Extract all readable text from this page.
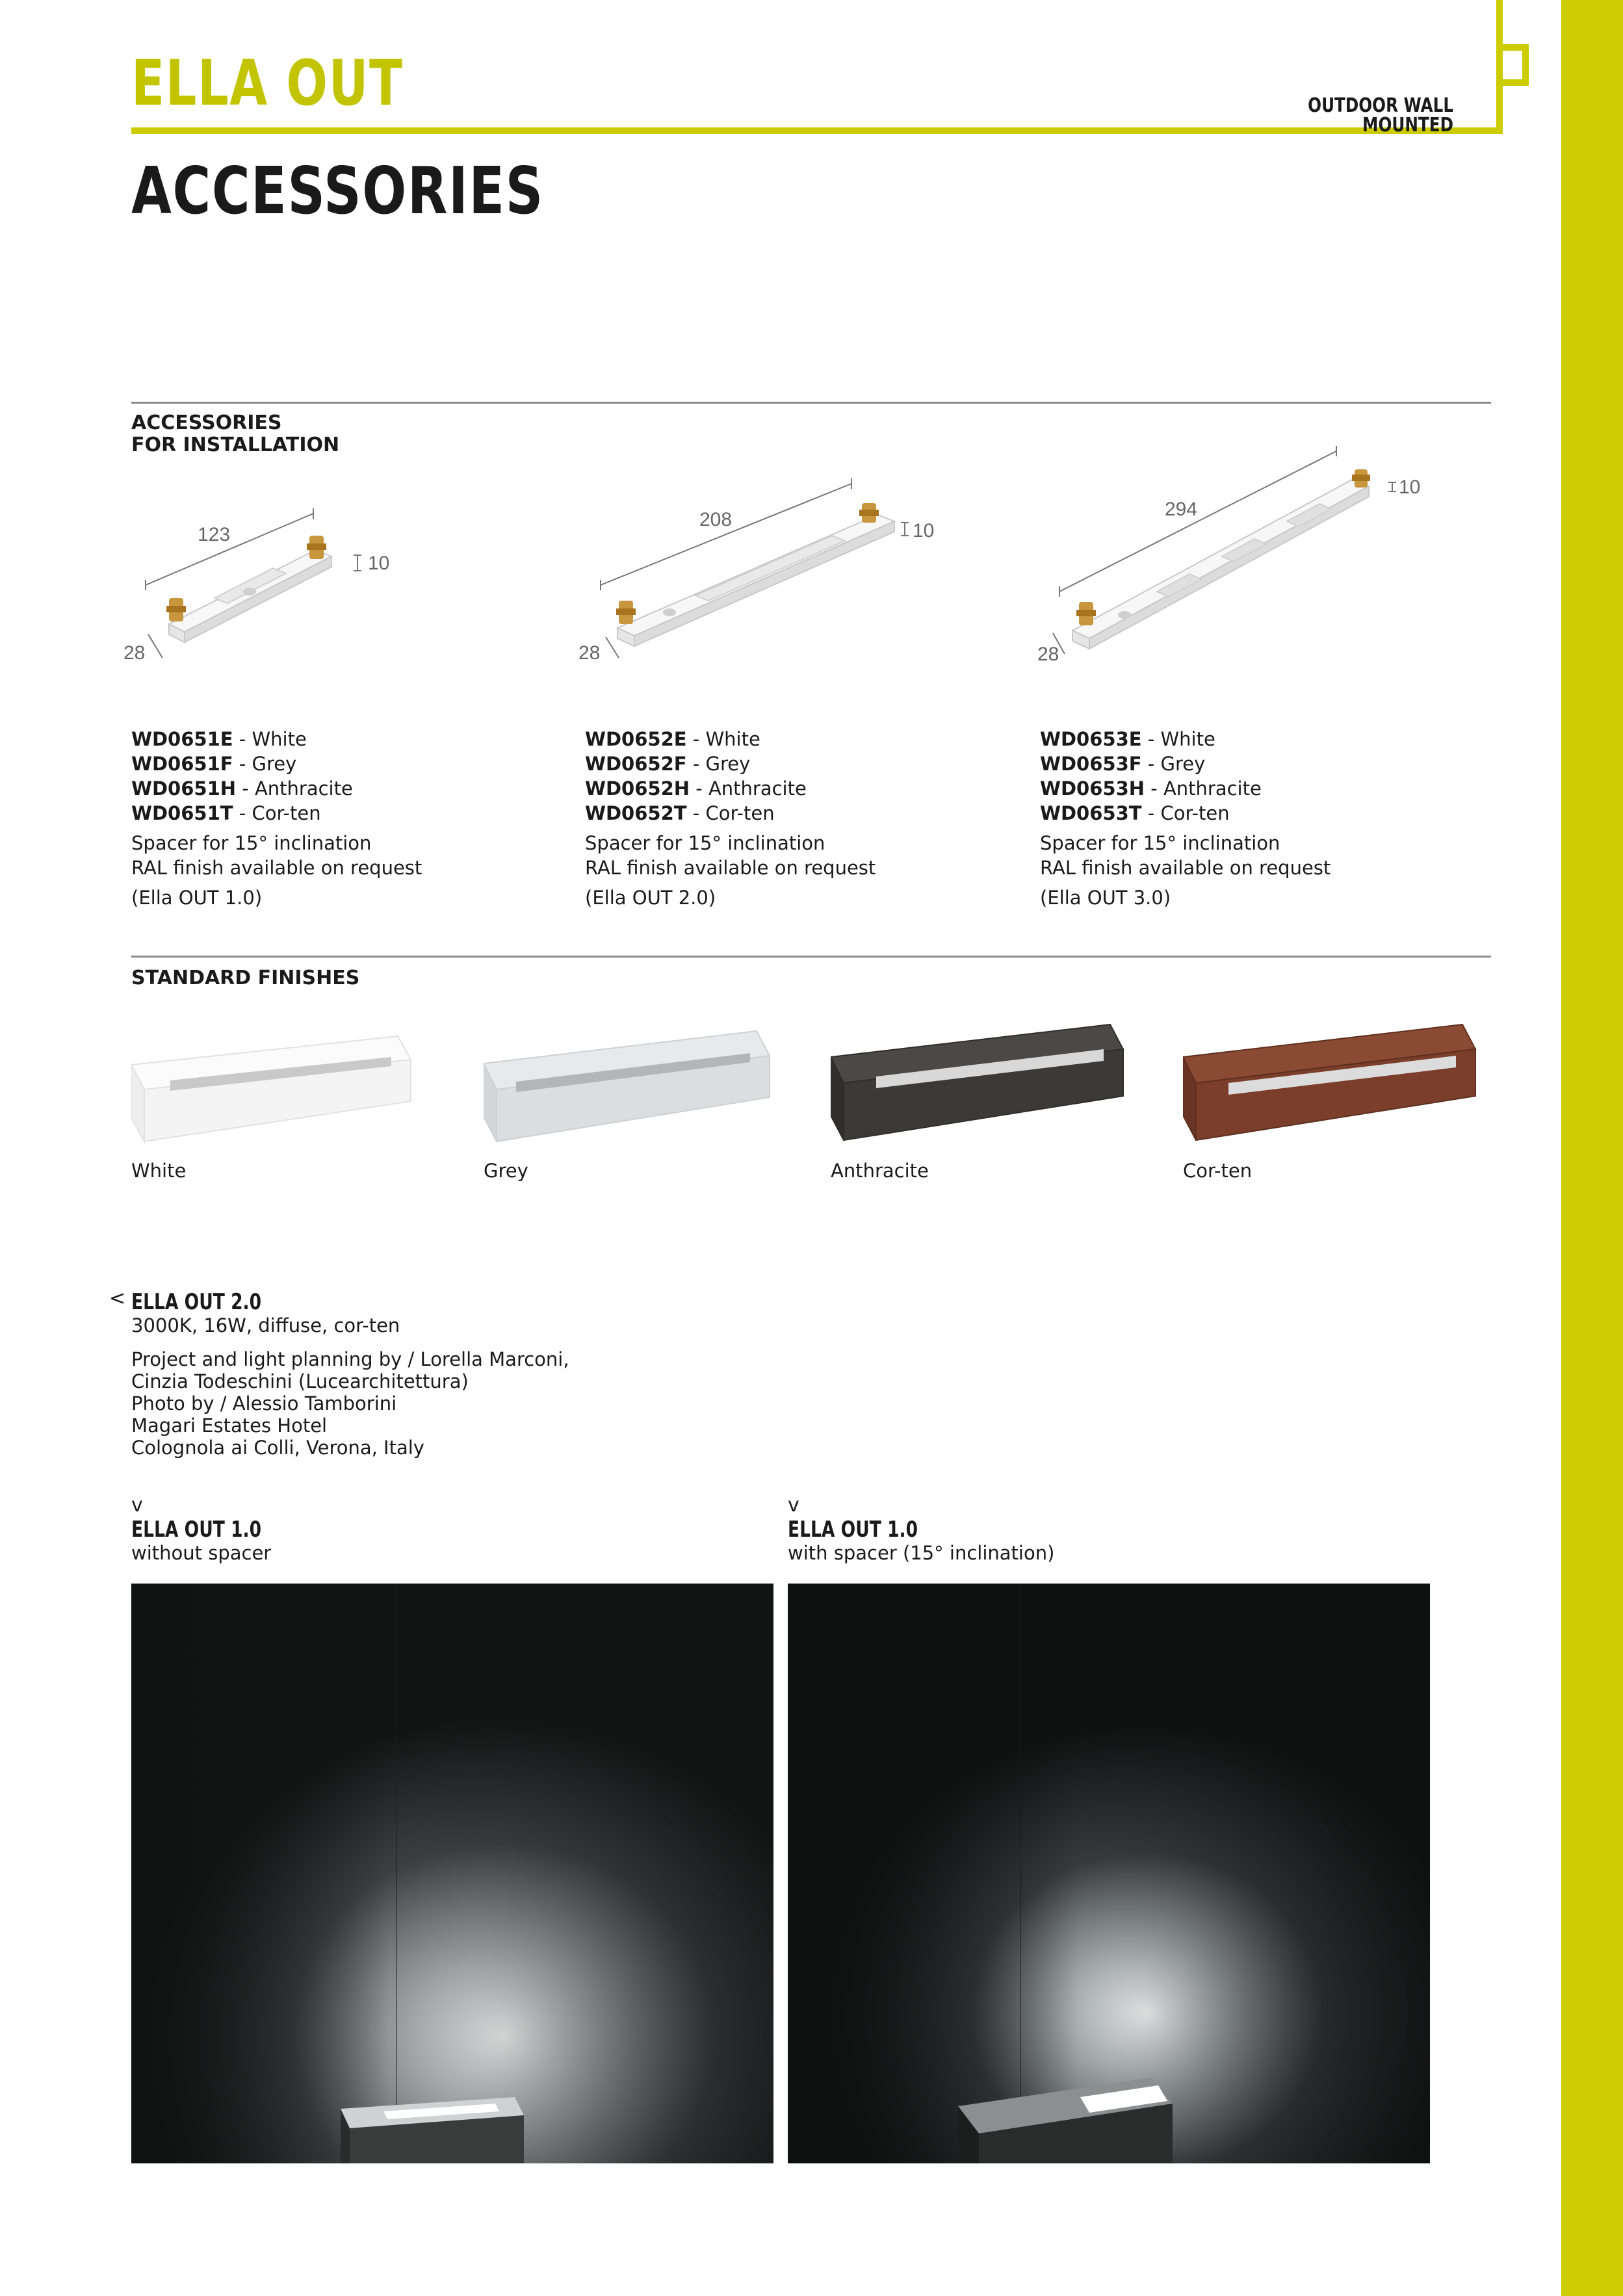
ELLA OUT	OUTDOOR WALL MOUNTED
ACCESSORIES
ACCESSORIES
FOR INSTALLATION
123
28
10
208
28
10
294
28
10
WD0651E - White
WD0651F - Grey
WD0651H - Anthracite
WD0651T - Cor-ten
Spacer for 15° inclination
RAL finish available on request
(Ella OUT 1.0)
WD0652E - White
WD0652F - Grey
WD0652H - Anthracite
WD0652T - Cor-ten
Spacer for 15° inclination
RAL finish available on request
(Ella OUT 2.0)
WD0653E - White
WD0653F - Grey
WD0653H - Anthracite
WD0653T - Cor-ten
Spacer for 15° inclination
RAL finish available on request
(Ella OUT 3.0)
STANDARD FINISHES
White	Grey	Anthracite	Cor-ten
< ELLA OUT 2.0
3000K, 16W, diffuse, cor-ten
Project and light planning by / Lorella Marconi,
Cinzia Todeschini (Lucearchitettura)
Photo by / Alessio Tamborini
Magari Estates Hotel
Colognola ai Colli, Verona, Italy
v
ELLA OUT 1.0
without spacer
v
ELLA OUT 1.0
with spacer (15° inclination)
